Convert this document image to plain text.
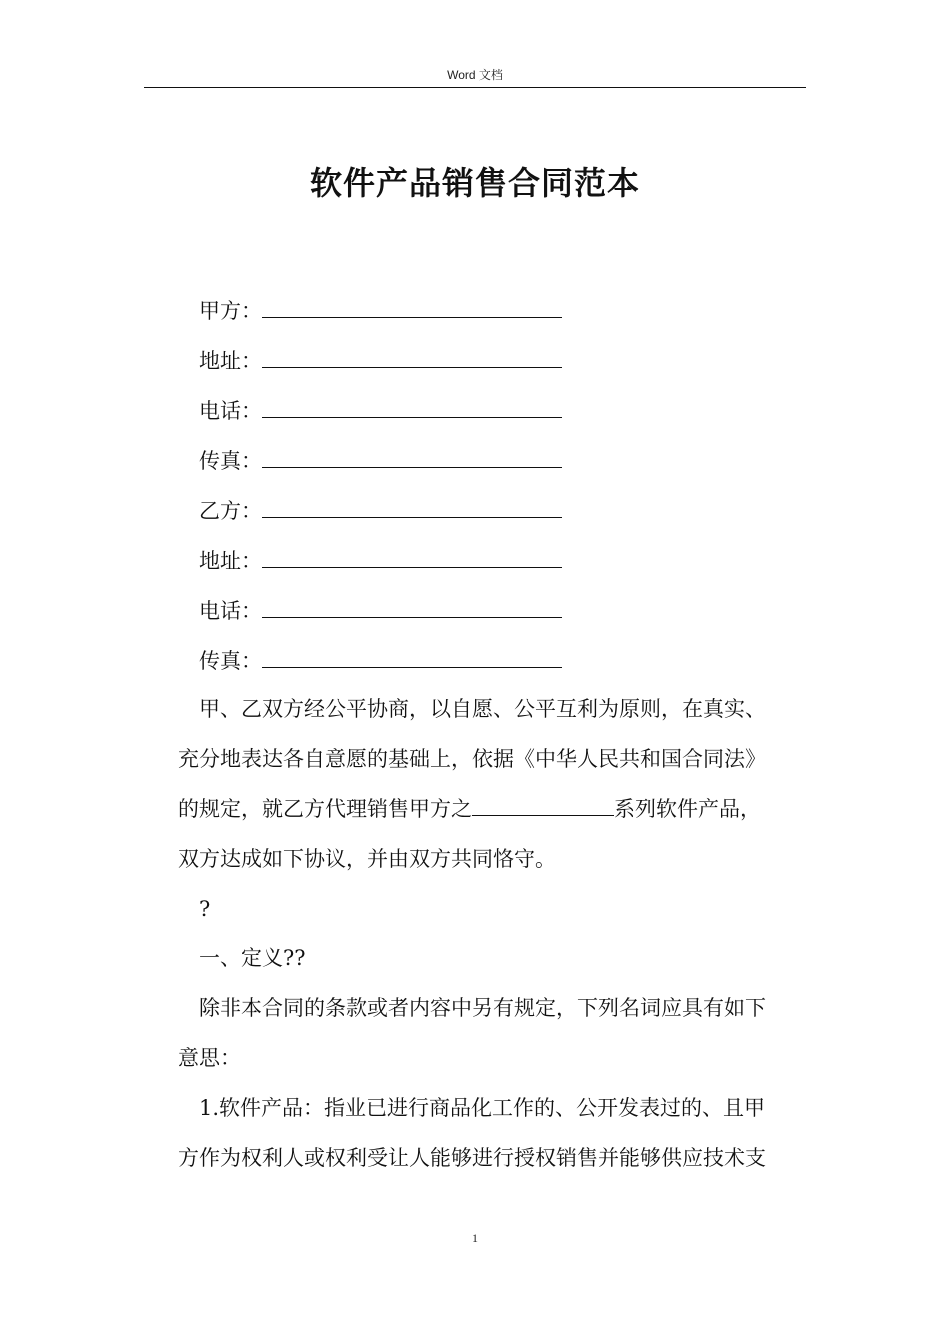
Word 文档
软件产品销售合同范本
甲方：
地址：
电话：
传真：
乙方：
地址：
电话：
传真：
甲、乙双方经公平协商，以自愿、公平互利为原则，在真实、
充分地表达各自意愿的基础上，依据《中华人民共和国合同法》
的规定，就乙方代理销售甲方之	系列软件产品，
双方达成如下协议，并由双方共同恪守。
?
一、定义??
除非本合同的条款或者内容中另有规定，下列名词应具有如下
意思：
1.软件产品：指业已进行商品化工作的、公开发表过的、且甲
方作为权利人或权利受让人能够进行授权销售并能够供应技术支
1
